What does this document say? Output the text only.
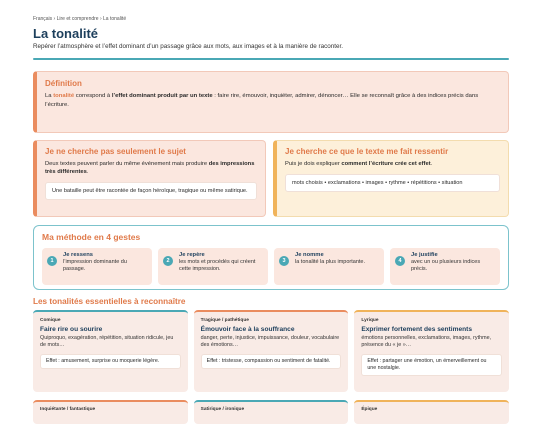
Français › Lire et comprendre › La tonalité
La tonalité
Repérer l’atmosphère et l’effet dominant d’un passage grâce aux mots, aux images et à la manière de raconter.
Définition
La tonalité correspond à l’effet dominant produit par un texte : faire rire, émouvoir, inquiéter, admirer, dénoncer… Elle se reconnaît grâce à des indices précis dans l’écriture.
Je ne cherche pas seulement le sujet
Deux textes peuvent parler du même événement mais produire des impressions très différentes.
Une bataille peut être racontée de façon héroïque, tragique ou même satirique.
Je cherche ce que le texte me fait ressentir
Puis je dois expliquer comment l’écriture crée cet effet.
mots choisis • exclamations • images • rythme • répétitions • situation
Ma méthode en 4 gestes
1
Je ressens
l’impression dominante du passage.
2
Je repère
les mots et procédés qui créent cette impression.
3
Je nomme
la tonalité la plus importante.	4
Je justifie
avec un ou plusieurs indices précis.
Les tonalités essentielles à reconnaître
Comique
Faire rire ou sourire
Quiproquo, exagération, répétition, situation ridicule, jeu de mots…
Effet : amusement, surprise ou moquerie légère.
Tragique / pathétique
Émouvoir face à la souffrance
danger, perte, injustice, impuissance, douleur, vocabulaire des émotions…
Effet : tristesse, compassion ou sentiment de fatalité.
Lyrique
Exprimer fortement des sentiments
émotions personnelles, exclamations, images, rythme, présence du « je »…
Effet : partager une émotion, un émerveillement ou une nostalgie.
Inquiétante / fantastique	Satirique / ironique	Épique
